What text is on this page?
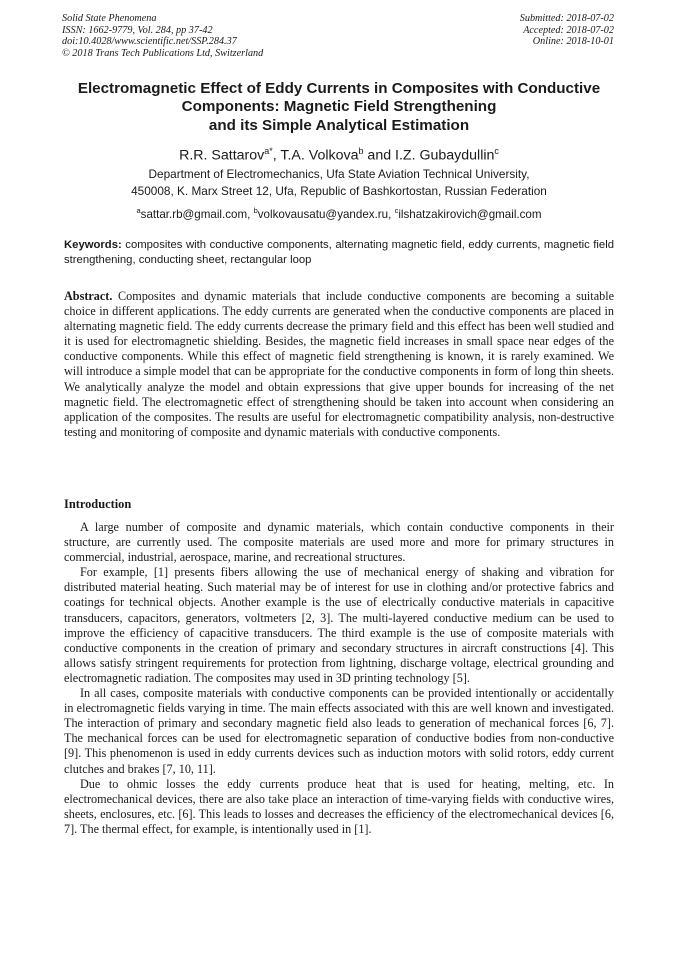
Solid State Phenomena
ISSN: 1662-9779, Vol. 284, pp 37-42
doi:10.4028/www.scientific.net/SSP.284.37
© 2018 Trans Tech Publications Ltd, Switzerland
Submitted: 2018-07-02
Accepted: 2018-07-02
Online: 2018-10-01
Electromagnetic Effect of Eddy Currents in Composites with Conductive
Components: Magnetic Field Strengthening
and its Simple Analytical Estimation
R.R. Sattarov$^{a*}$, T.A. Volkova$^b$ and I.Z. Gubaydullin$^c$
Department of Electromechanics, Ufa State Aviation Technical University,
450008, K. Marx Street 12, Ufa, Republic of Bashkortostan, Russian Federation
$^a$sattar.rb@gmail.com, $^b$volkovausatu@yandex.ru, $^c$ilshatzakirovich@gmail.com
Keywords: composites with conductive components, alternating magnetic field, eddy currents, magnetic field strengthening, conducting sheet, rectangular loop
Abstract. Composites and dynamic materials that include conductive components are becoming a suitable choice in different applications. The eddy currents are generated when the conductive components are placed in alternating magnetic field. The eddy currents decrease the primary field and this effect has been well studied and it is used for electromagnetic shielding. Besides, the magnetic field increases in small space near edges of the conductive components. While this effect of magnetic field strengthening is known, it is rarely examined. We will introduce a simple model that can be appropriate for the conductive components in form of long thin sheets. We analytically analyze the model and obtain expressions that give upper bounds for increasing of the net magnetic field. The electromagnetic effect of strengthening should be taken into account when considering an application of the composites. The results are useful for electromagnetic compatibility analysis, non-destructive testing and monitoring of composite and dynamic materials with conductive components.
Introduction

A large number of composite and dynamic materials, which contain conductive components in their structure, are currently used. The composite materials are used more and more for primary structures in commercial, industrial, aerospace, marine, and recreational structures.

For example, [1] presents fibers allowing the use of mechanical energy of shaking and vibration for distributed material heating. Such material may be of interest for use in clothing and/or protective fabrics and coatings for technical objects. Another example is the use of electrically conductive materials in capacitive transducers, capacitors, generators, voltmeters [2, 3]. The multi-layered conductive medium can be used to improve the efficiency of capacitive transducers. The third example is the use of composite materials with conductive components in the creation of primary and secondary structures in aircraft constructions [4]. This allows satisfy stringent requirements for protection from lightning, discharge voltage, electrical grounding and electromagnetic radiation. The composites may used in 3D printing technology [5].

In all cases, composite materials with conductive components can be provided intentionally or accidentally in electromagnetic fields varying in time. The main effects associated with this are well known and investigated. The interaction of primary and secondary magnetic field also leads to generation of mechanical forces [6, 7]. The mechanical forces can be used for electromagnetic separation of conductive bodies from non-conductive [9]. This phenomenon is used in eddy currents devices such as induction motors with solid rotors, eddy current clutches and brakes [7, 10, 11].

Due to ohmic losses the eddy currents produce heat that is used for heating, melting, etc. In electromechanical devices, there are also take place an interaction of time-varying fields with conductive wires, sheets, enclosures, etc. [6]. This leads to losses and decreases the efficiency of the electromechanical devices [6, 7]. The thermal effect, for example, is intentionally used in [1].
